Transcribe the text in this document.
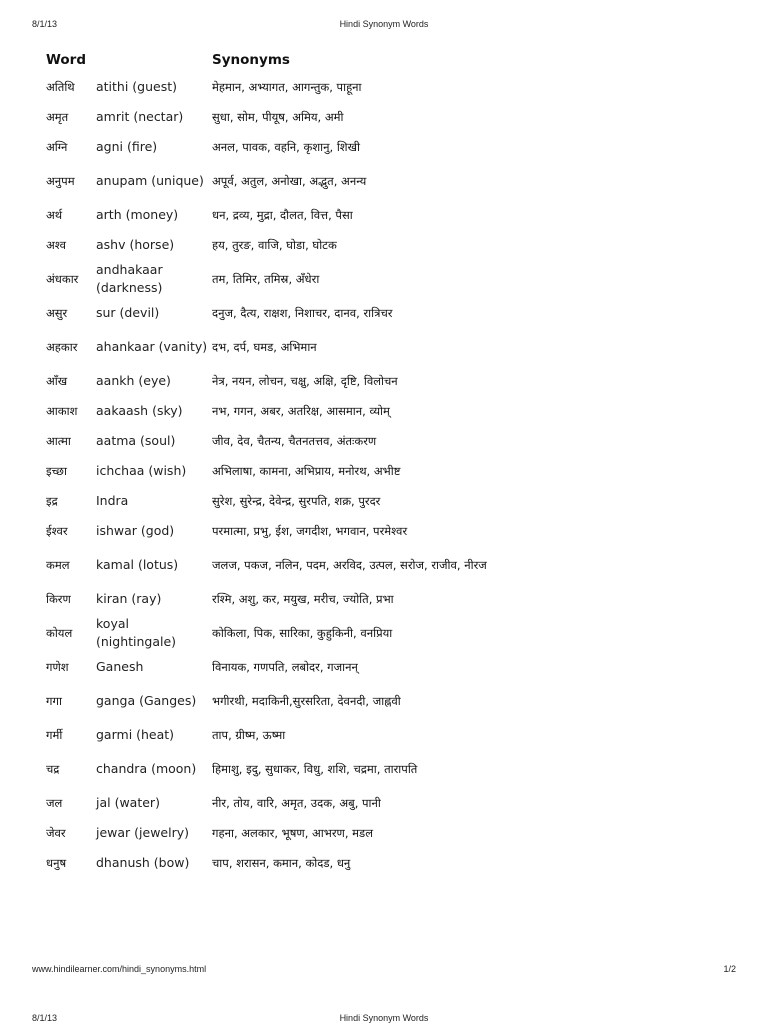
8/1/13	Hindi Synonym Words
Word		Synonyms
अतिथि	atithi (guest)	मेहमान, अभ्यागत, आगन्तुक, पाहूना
अमृत	amrit (nectar)	सुधा, सोम, पीयूष, अमिय, अमी
अग्नि	agni (fire)	अनल, पावक, वहनि, कृशानु, शिखी
अनुपम	anupam (unique)	अपूर्व, अतुल, अनोखा, अद्भुत, अनन्य
अर्थ	arth (money)	धन, द्रव्य, मुद्रा, दौलत, वित्त, पैसा
अश्व	ashv (horse)	हय, तुरङ, वाजि, घोडा, घोटक
अंधकार	andhakaar (darkness)	तम, तिमिर, तमिस्र, अँधेरा
असुर	sur (devil)	दनुज, दैत्य, राक्षश, निशाचर, दानव, रात्रिचर
अहकार	ahankaar (vanity)	दभ, दर्प, घमड, अभिमान
आँख	aankh (eye)	नेत्र, नयन, लोचन, चक्षु, अक्षि, दृष्टि, विलोचन
आकाश	aakaash (sky)	नभ, गगन, अबर, अतरिक्ष, आसमान, व्योम्
आत्मा	aatma (soul)	जीव, देव, चैतन्य, चैतनतत्तव, अंतःकरण
इच्छा	ichchaa (wish)	अभिलाषा, कामना, अभिप्राय, मनोरथ, अभीष्ट
इद्र	Indra	सुरेश, सुरेन्द्र, देवेन्द्र, सुरपति, शक्र, पुरदर
ईश्वर	ishwar (god)	परमात्मा, प्रभु, ईश, जगदीश, भगवान, परमेश्वर
कमल	kamal (lotus)	जलज, पकज, नलिन, पदम, अरविद, उत्पल, सरोज, राजीव, नीरज
किरण	kiran (ray)	रश्मि, अशु, कर, मयुख, मरीच, ज्योति, प्रभा
कोयल	koyal (nightingale)	कोकिला, पिक, सारिका, कुहुकिनी, वनप्रिया
गणेश	Ganesh	विनायक, गणपति, लबोदर, गजानन्
गगा	ganga (Ganges)	भगीरथी, मदाकिनी,सुरसरिता, देवनदी, जाह्नवी
गर्मी	garmi (heat)	ताप, ग्रीष्म, ऊष्मा
चद्र	chandra (moon)	हिमाशु, इदु, सुधाकर, विधु, शशि, चद्रमा, तारापति
जल	jal (water)	नीर, तोय, वारि, अमृत, उदक, अबु, पानी
जेवर	jewar (jewelry)	गहना, अलकार, भूषण, आभरण, मडल
धनुष	dhanush (bow)	चाप, शरासन, कमान, कोदड, धनु
www.hindilearner.com/hindi_synonyms.html	1/2
8/1/13	Hindi Synonym Words
